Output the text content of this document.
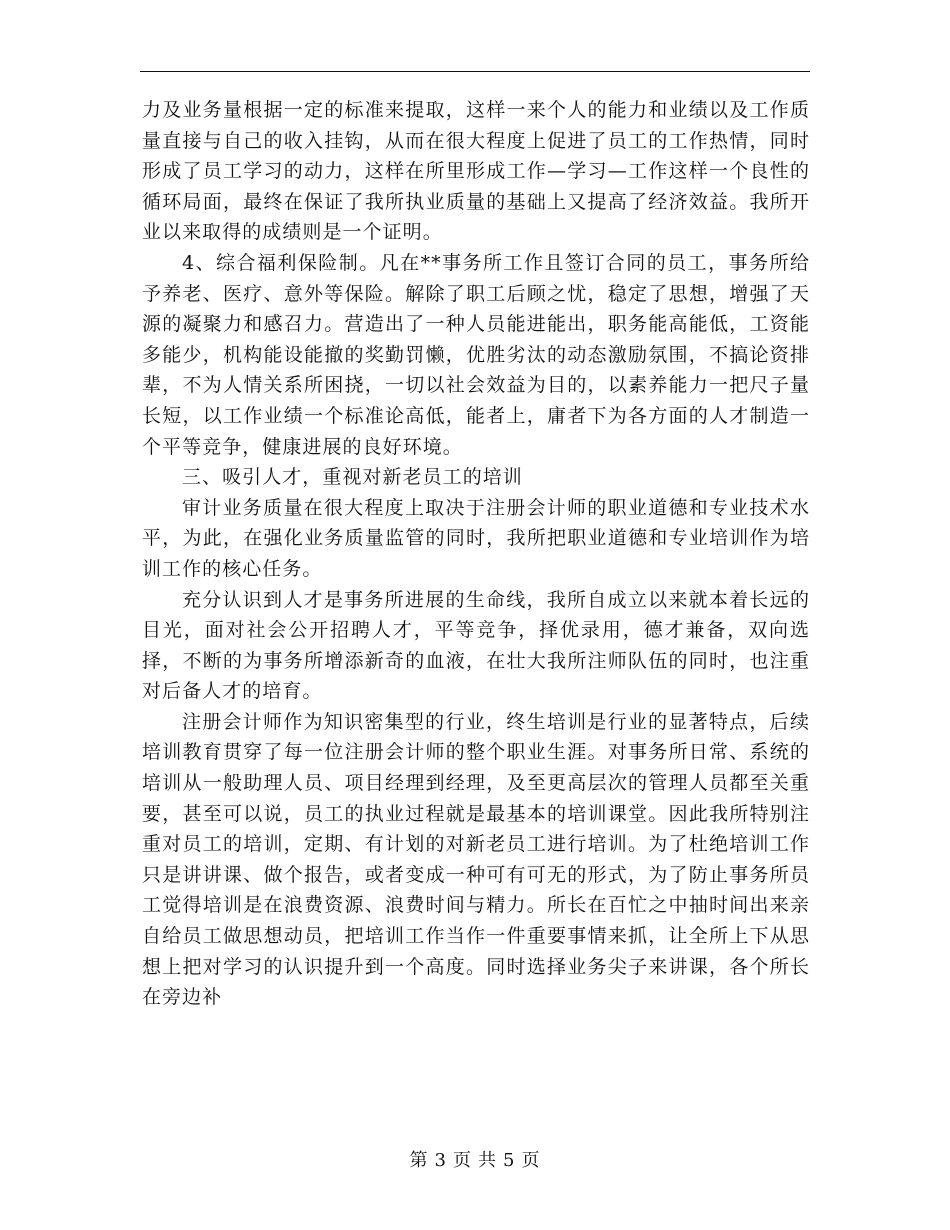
力及业务量根据一定的标准来提取，这样一来个人的能力和业绩以及工作质量直接与自己的收入挂钩，从而在很大程度上促进了员工的工作热情，同时形成了员工学习的动力，这样在所里形成工作—学习—工作这样一个良性的循环局面，最终在保证了我所执业质量的基础上又提高了经济效益。我所开业以来取得的成绩则是一个证明。

4、综合福利保险制。凡在**事务所工作且签订合同的员工，事务所给予养老、医疗、意外等保险。解除了职工后顾之忧，稳定了思想，增强了天源的凝聚力和感召力。营造出了一种人员能进能出，职务能高能低，工资能多能少，机构能设能撤的奖勤罚懒，优胜劣汰的动态激励氛围，不搞论资排辈，不为人情关系所困挠，一切以社会效益为目的，以素养能力一把尺子量长短，以工作业绩一个标准论高低，能者上，庸者下为各方面的人才制造一个平等竞争，健康进展的良好环境。

三、吸引人才，重视对新老员工的培训

审计业务质量在很大程度上取决于注册会计师的职业道德和专业技术水平，为此，在强化业务质量监管的同时，我所把职业道德和专业培训作为培训工作的核心任务。

充分认识到人才是事务所进展的生命线，我所自成立以来就本着长远的目光，面对社会公开招聘人才，平等竞争，择优录用，德才兼备，双向选择，不断的为事务所增添新奇的血液，在壮大我所注师队伍的同时，也注重对后备人才的培育。

注册会计师作为知识密集型的行业，终生培训是行业的显著特点，后续培训教育贯穿了每一位注册会计师的整个职业生涯。对事务所日常、系统的培训从一般助理人员、项目经理到经理，及至更高层次的管理人员都至关重要，甚至可以说，员工的执业过程就是最基本的培训课堂。因此我所特别注重对员工的培训，定期、有计划的对新老员工进行培训。为了杜绝培训工作只是讲讲课、做个报告，或者变成一种可有可无的形式，为了防止事务所员工觉得培训是在浪费资源、浪费时间与精力。所长在百忙之中抽时间出来亲自给员工做思想动员，把培训工作当作一件重要事情来抓，让全所上下从思想上把对学习的认识提升到一个高度。同时选择业务尖子来讲课，各个所长在旁边补

第 3 页 共 5 页
